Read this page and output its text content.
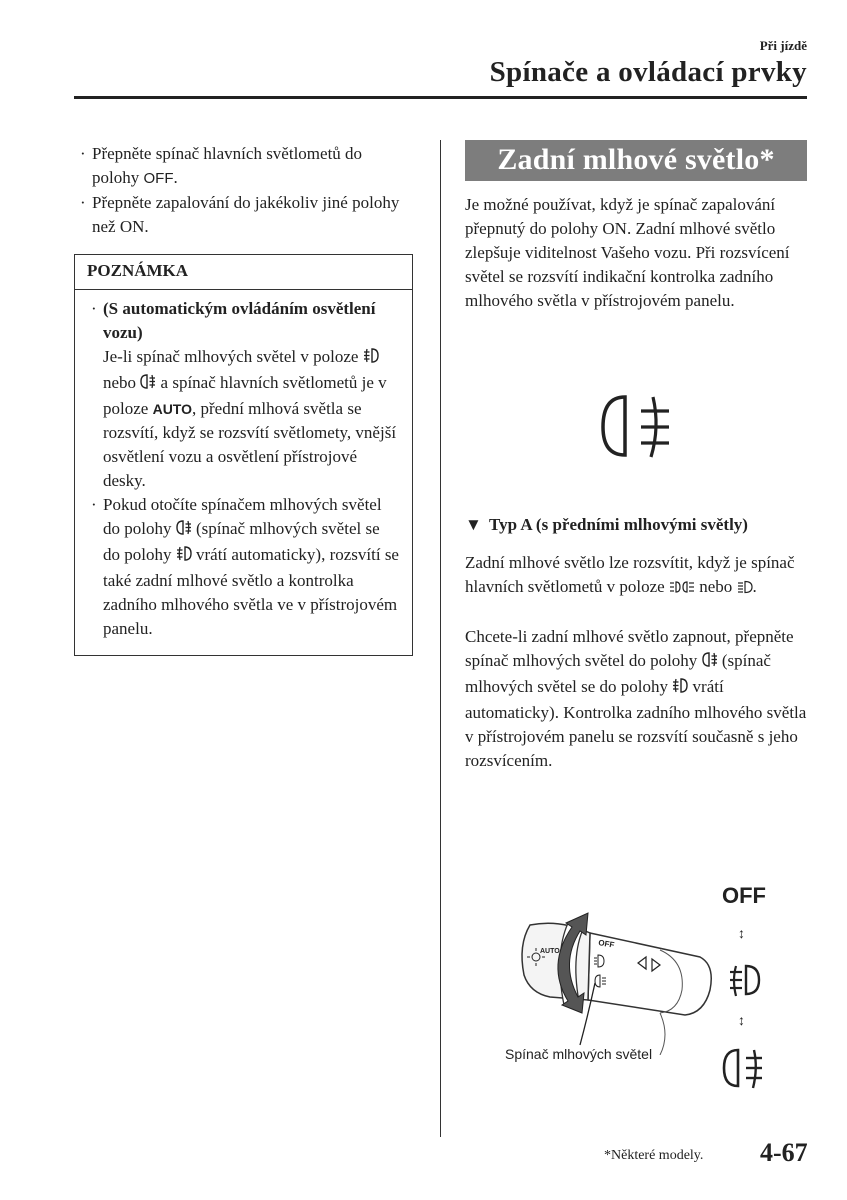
Při jízdě
Spínače a ovládací prvky

· Přepněte spínač hlavních světlometů do polohy OFF.

· Přepněte zapalování do jakékoliv jiné polohy než ON.

POZNÁMKA
· (S automatickým ovládáním osvětlení vozu)
Je-li spínač mlhových světel v poloze  nebo  a spínač hlavních světlometů je v poloze AUTO, přední mlhová světla se rozsvítí, když se rozsvítí světlomety, vnější osvětlení vozu a osvětlení přístrojové desky.
· Pokud otočíte spínačem mlhových světel do polohy  (spínač mlhových světel se do polohy  vrátí automaticky), rozsvítí se také zadní mlhové světlo a kontrolka zadního mlhového světla ve v přístrojovém panelu.
Zadní mlhové světlo*
Je možné používat, když je spínač zapalování přepnutý do polohy ON. Zadní mlhové světlo zlepšuje viditelnost Vašeho vozu. Při rozsvícení světel se rozsvítí indikační kontrolka zadního mlhového světla v přístrojovém panelu.
▼ Typ A (s předními mlhovými světly)
Zadní mlhové světlo lze rozsvítit, když je spínač hlavních světlometů v poloze  nebo .
Chcete-li zadní mlhové světlo zapnout, přepněte spínač mlhových světel do polohy  (spínač mlhových světel se do polohy  vrátí automaticky). Kontrolka zadního mlhového světla v přístrojovém panelu se rozsvítí současně s jeho rozsvícením.
OFF
AUTO
Spínač mlhových světel
OFF
↕
↕
*Některé modely. 4-67
